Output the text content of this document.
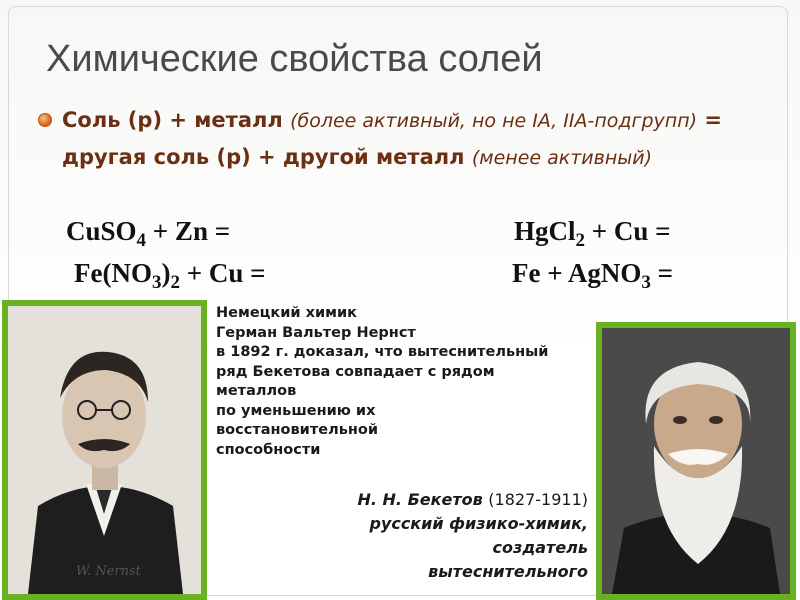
Химические свойства солей
Соль (р) + металл (более активный, но не IA, IIA-подгрупп) = другая соль (р) + другой металл (менее активный)
CuSO$_4$ + Zn =	HgCl$_2$ + Cu =
$Fe(NO_3)_2 + Cu$ =	Fe + AgNO$_3$ =
W. Nernst
Немецкий химик
Герман Вальтер Нернст
в 1892 г. доказал, что вытеснительный
ряд Бекетова совпадает с рядом
металлов
по уменьшению их
восстановительной
способности
Н. Н. Бекетов (1827-1911)
русский физико-химик,
создатель
вытеснительного
